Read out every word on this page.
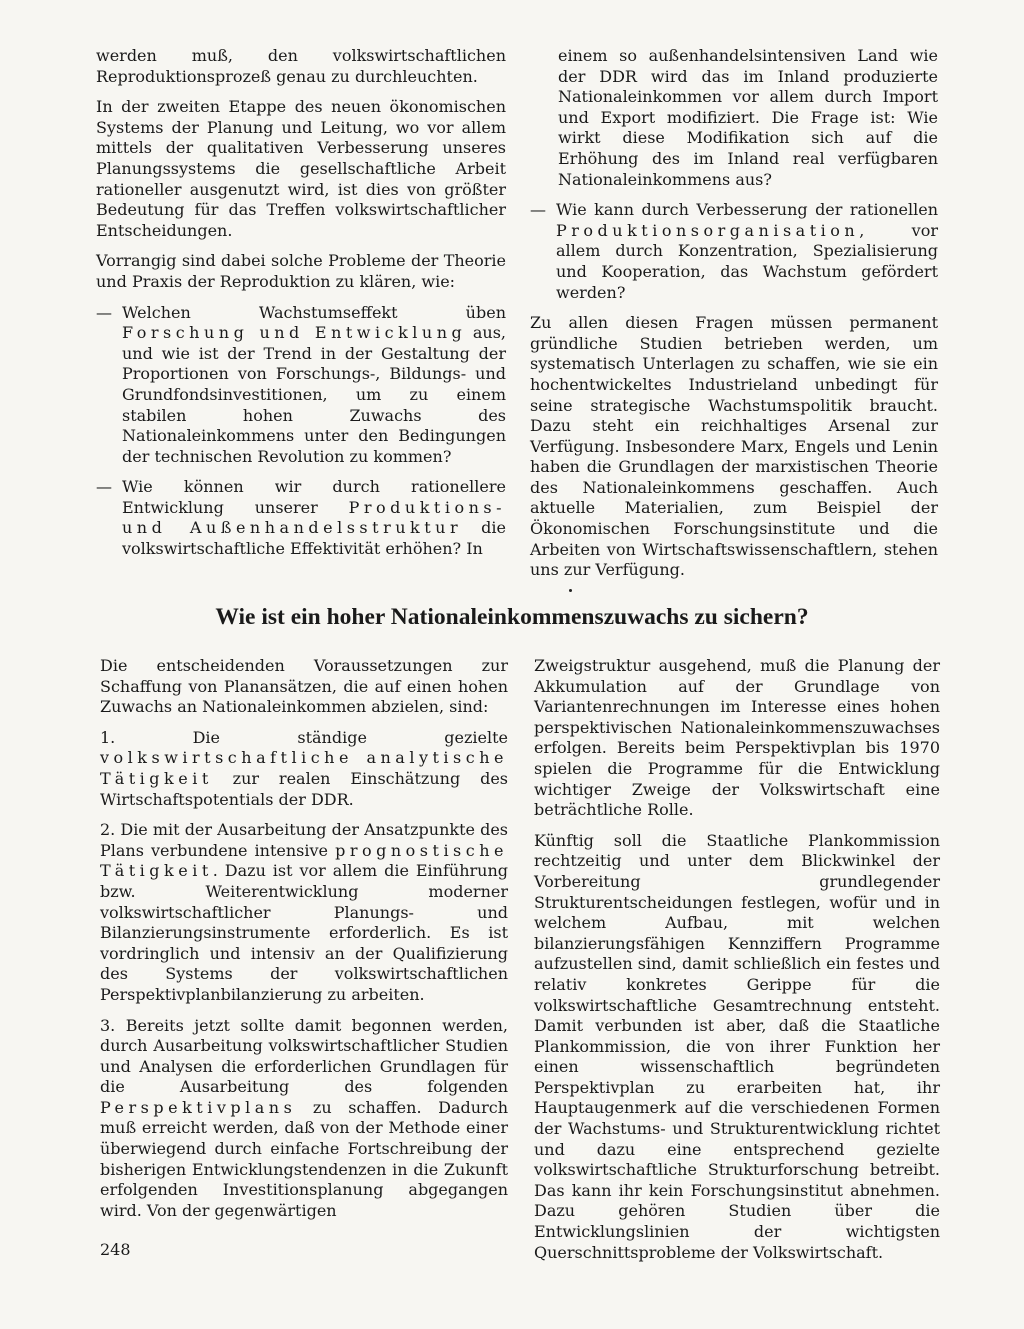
werden muß, den volkswirtschaftlichen Reproduktionsprozeß genau zu durchleuchten.

In der zweiten Etappe des neuen ökonomischen Systems der Planung und Leitung, wo vor allem mittels der qualitativen Verbesserung unseres Planungssystems die gesellschaftliche Arbeit rationeller ausgenutzt wird, ist dies von größter Bedeutung für das Treffen volkswirtschaftlicher Entscheidungen.

Vorrangig sind dabei solche Probleme der Theorie und Praxis der Reproduktion zu klären, wie:

— Welchen Wachstumseffekt üben Forschung und Entwicklung aus, und wie ist der Trend in der Gestaltung der Proportionen von Forschungs-, Bildungs- und Grundfondsinvestitionen, um zu einem stabilen hohen Zuwachs des Nationaleinkommens unter den Bedingungen der technischen Revolution zu kommen?
— Wie können wir durch rationellere Entwicklung unserer Produktions- und Außenhandelsstruktur die volkswirtschaftliche Effektivität erhöhen? In

einem so außenhandelsintensiven Land wie der DDR wird das im Inland produzierte Nationaleinkommen vor allem durch Import und Export modifiziert. Die Frage ist: Wie wirkt diese Modifikation sich auf die Erhöhung des im Inland real verfügbaren Nationaleinkommens aus?

— Wie kann durch Verbesserung der rationellen Produktionsorganisation, vor allem durch Konzentration, Spezialisierung und Kooperation, das Wachstum gefördert werden?

Zu allen diesen Fragen müssen permanent gründliche Studien betrieben werden, um systematisch Unterlagen zu schaffen, wie sie ein hochentwickeltes Industrieland unbedingt für seine strategische Wachstumspolitik braucht. Dazu steht ein reichhaltiges Arsenal zur Verfügung. Insbesondere Marx, Engels und Lenin haben die Grundlagen der marxistischen Theorie des Nationaleinkommens geschaffen. Auch aktuelle Materialien, zum Beispiel der Ökonomischen Forschungsinstitute und die Arbeiten von Wirtschaftswissenschaftlern, stehen uns zur Verfügung.

Wie ist ein hoher Nationaleinkommenszuwachs zu sichern?

Die entscheidenden Voraussetzungen zur Schaffung von Planansätzen, die auf einen hohen Zuwachs an Nationaleinkommen abzielen, sind:

1. Die ständige gezielte volkswirtschaftliche analytische Tätigkeit zur realen Einschätzung des Wirtschaftspotentials der DDR.

2. Die mit der Ausarbeitung der Ansatzpunkte des Plans verbundene intensive prognostische Tätigkeit. Dazu ist vor allem die Einführung bzw. Weiterentwicklung moderner volkswirtschaftlicher Planungs- und Bilanzierungsinstrumente erforderlich. Es ist vordringlich und intensiv an der Qualifizierung des Systems der volkswirtschaftlichen Perspektivplanbilanzierung zu arbeiten.

3. Bereits jetzt sollte damit begonnen werden, durch Ausarbeitung volkswirtschaftlicher Studien und Analysen die erforderlichen Grundlagen für die Ausarbeitung des folgenden Perspektivplans zu schaffen. Dadurch muß erreicht werden, daß von der Methode einer überwiegend durch einfache Fortschreibung der bisherigen Entwicklungstendenzen in die Zukunft erfolgenden Investitionsplanung abgegangen wird. Von der gegenwärtigen

Zweigstruktur ausgehend, muß die Planung der Akkumulation auf der Grundlage von Variantenrechnungen im Interesse eines hohen perspektivischen Nationaleinkommenszuwachses erfolgen. Bereits beim Perspektivplan bis 1970 spielen die Programme für die Entwicklung wichtiger Zweige der Volkswirtschaft eine beträchtliche Rolle.

Künftig soll die Staatliche Plankommission rechtzeitig und unter dem Blickwinkel der Vorbereitung grundlegender Strukturentscheidungen festlegen, wofür und in welchem Aufbau, mit welchen bilanzierungsfähigen Kennziffern Programme aufzustellen sind, damit schließlich ein festes und relativ konkretes Gerippe für die volkswirtschaftliche Gesamtrechnung entsteht. Damit verbunden ist aber, daß die Staatliche Plankommission, die von ihrer Funktion her einen wissenschaftlich begründeten Perspektivplan zu erarbeiten hat, ihr Hauptaugenmerk auf die verschiedenen Formen der Wachstums- und Strukturentwicklung richtet und dazu eine entsprechend gezielte volkswirtschaftliche Strukturforschung betreibt. Das kann ihr kein Forschungsinstitut abnehmen. Dazu gehören Studien über die Entwicklungslinien der wichtigsten Querschnittsprobleme der Volkswirtschaft.

248
